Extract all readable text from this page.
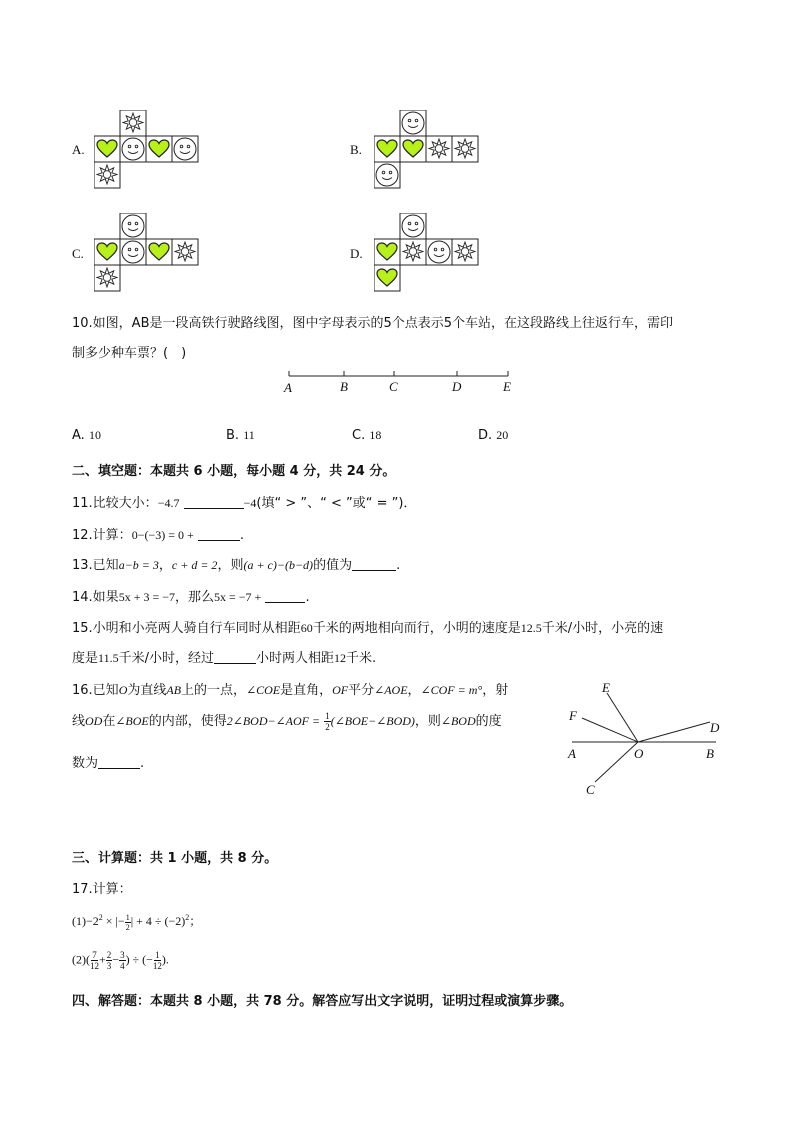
A.	B.
C.	D.
10.如图，AB是一段高铁行驶路线图，图中字母表示的5个点表示5个车站，在这段路线上往返行车，需印
制多少种车票？(　)
A	B	C	D	E
A. 10	B. 11	C. 18	D. 20
二、填空题：本题共 6 小题，每小题 4 分，共 24 分。
11.比较大小：−4.7	−4(填“ > ”、“ < ”或“ = ”)．
12.计算：0−(−3) = 0 +	.
13.已知a−b = 3，c + d = 2，则(a + c)−(b−d)的值为	.
14.如果5x + 3 = −7，那么5x = −7 +	.
15.小明和小亮两人骑自行车同时从相距60千米的两地相向而行，小明的速度是12.5千米/小时，小亮的速
度是11.5千米/小时，经过	小时两人相距12千米.
16.已知O为直线AB上的一点，∠COE是直角，OF平分∠AOE，∠COF = m°，射
线OD在∠BOE的内部，使得2∠BOD−∠AOF = $\frac{1}{2}$ (∠BOE−∠BOD)，则∠BOD的度
数为	.
E
F
D
A	O	B
C
三、计算题：共 1 小题，共 8 分。
17.计算：
$(1)-2^2$ × |− $\frac{1}{2}$ | + $4 \div (-2)^2$；
$(2)( \frac{7}{12} + \frac{2}{3} - \frac{3}{4}$ ) ÷ (− $\frac{1}{12}$ ).
四、解答题：本题共 8 小题，共 78 分。解答应写出文字说明，证明过程或演算步骤。
